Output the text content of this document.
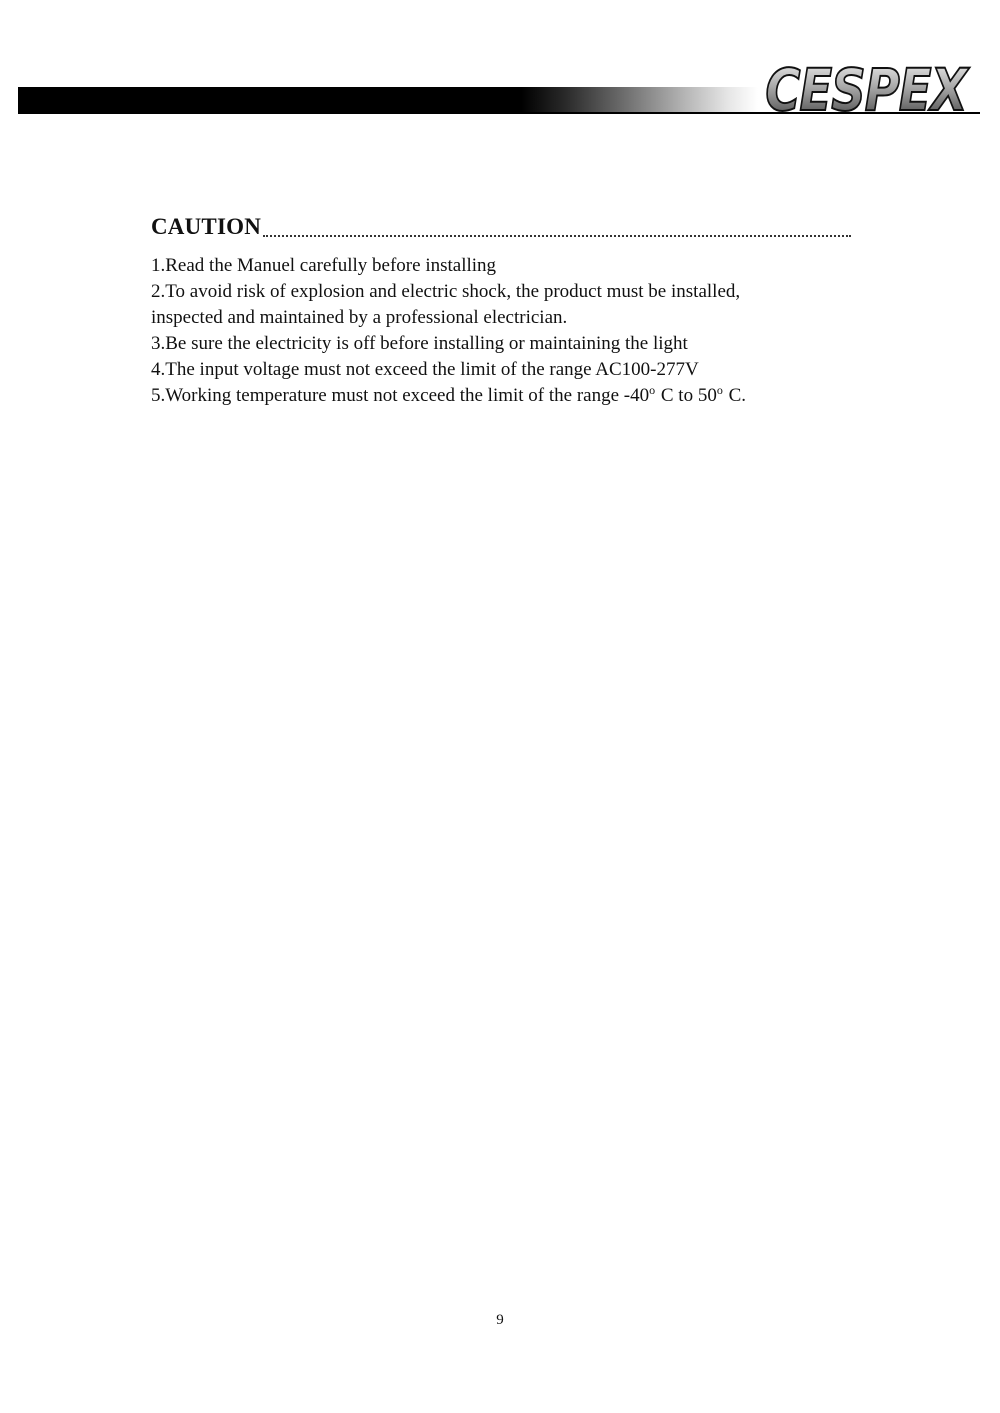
CESPEX
CAUTION
1.Read the Manuel carefully before installing
2.To avoid risk of explosion and electric shock, the product must be installed,
inspected and maintained by a professional electrician.
3.Be sure the electricity is off before installing or maintaining the light
4.The input voltage must not exceed the limit of the range AC100-277V
5.Working temperature must not exceed the limit of the range -40$^o$ C to 50$^o$ C.
9
